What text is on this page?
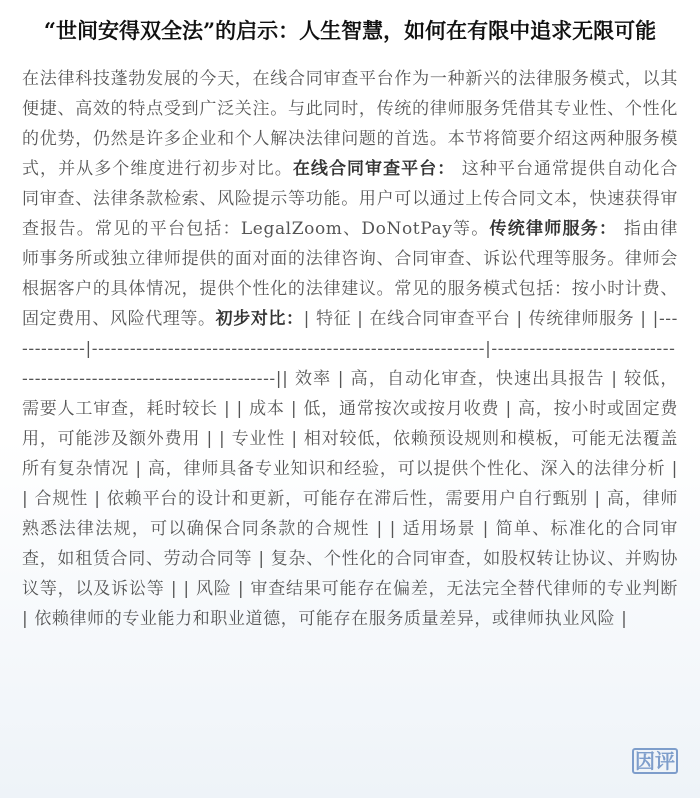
“世间安得双全法”的启示：人生智慧，如何在有限中追求无限可能

在法律科技蓬勃发展的今天，在线合同审查平台作为一种新兴的法律服务模式，以其便捷、高效的特点受到广泛关注。与此同时，传统的律师服务凭借其专业性、个性化的优势，仍然是许多企业和个人解决法律问题的首选。本节将简要介绍这两种服务模式，并从多个维度进行初步对比。在线合同审查平台： 这种平台通常提供自动化合同审查、法律条款检索、风险提示等功能。用户可以通过上传合同文本，快速获得审查报告。常见的平台包括：LegalZoom、DoNotPay等。传统律师服务： 指由律师事务所或独立律师提供的面对面的法律咨询、合同审查、诉讼代理等服务。律师会根据客户的具体情况，提供个性化的法律建议。常见的服务模式包括：按小时计费、固定费用、风险代理等。初步对比：| 特征 | 在线合同审查平台 | 传统律师服务 | |-------------|--------------------------------------------------------------|---------------------------------------------------------------------|| 效率 | 高，自动化审查，快速出具报告 | 较低，需要人工审查，耗时较长 | | 成本 | 低，通常按次或按月收费 | 高，按小时或固定费用，可能涉及额外费用 | | 专业性 | 相对较低，依赖预设规则和模板，可能无法覆盖所有复杂情况 | 高，律师具备专业知识和经验，可以提供个性化、深入的法律分析 | | 合规性 | 依赖平台的设计和更新，可能存在滞后性，需要用户自行甄别 | 高，律师熟悉法律法规，可以确保合同条款的合规性 | | 适用场景 | 简单、标准化的合同审查，如租赁合同、劳动合同等 | 复杂、个性化的合同审查，如股权转让协议、并购协议等，以及诉讼等 | | 风险 | 审查结果可能存在偏差，无法完全替代律师的专业判断 | 依赖律师的专业能力和职业道德，可能存在服务质量差异，或律师执业风险 |

因评
